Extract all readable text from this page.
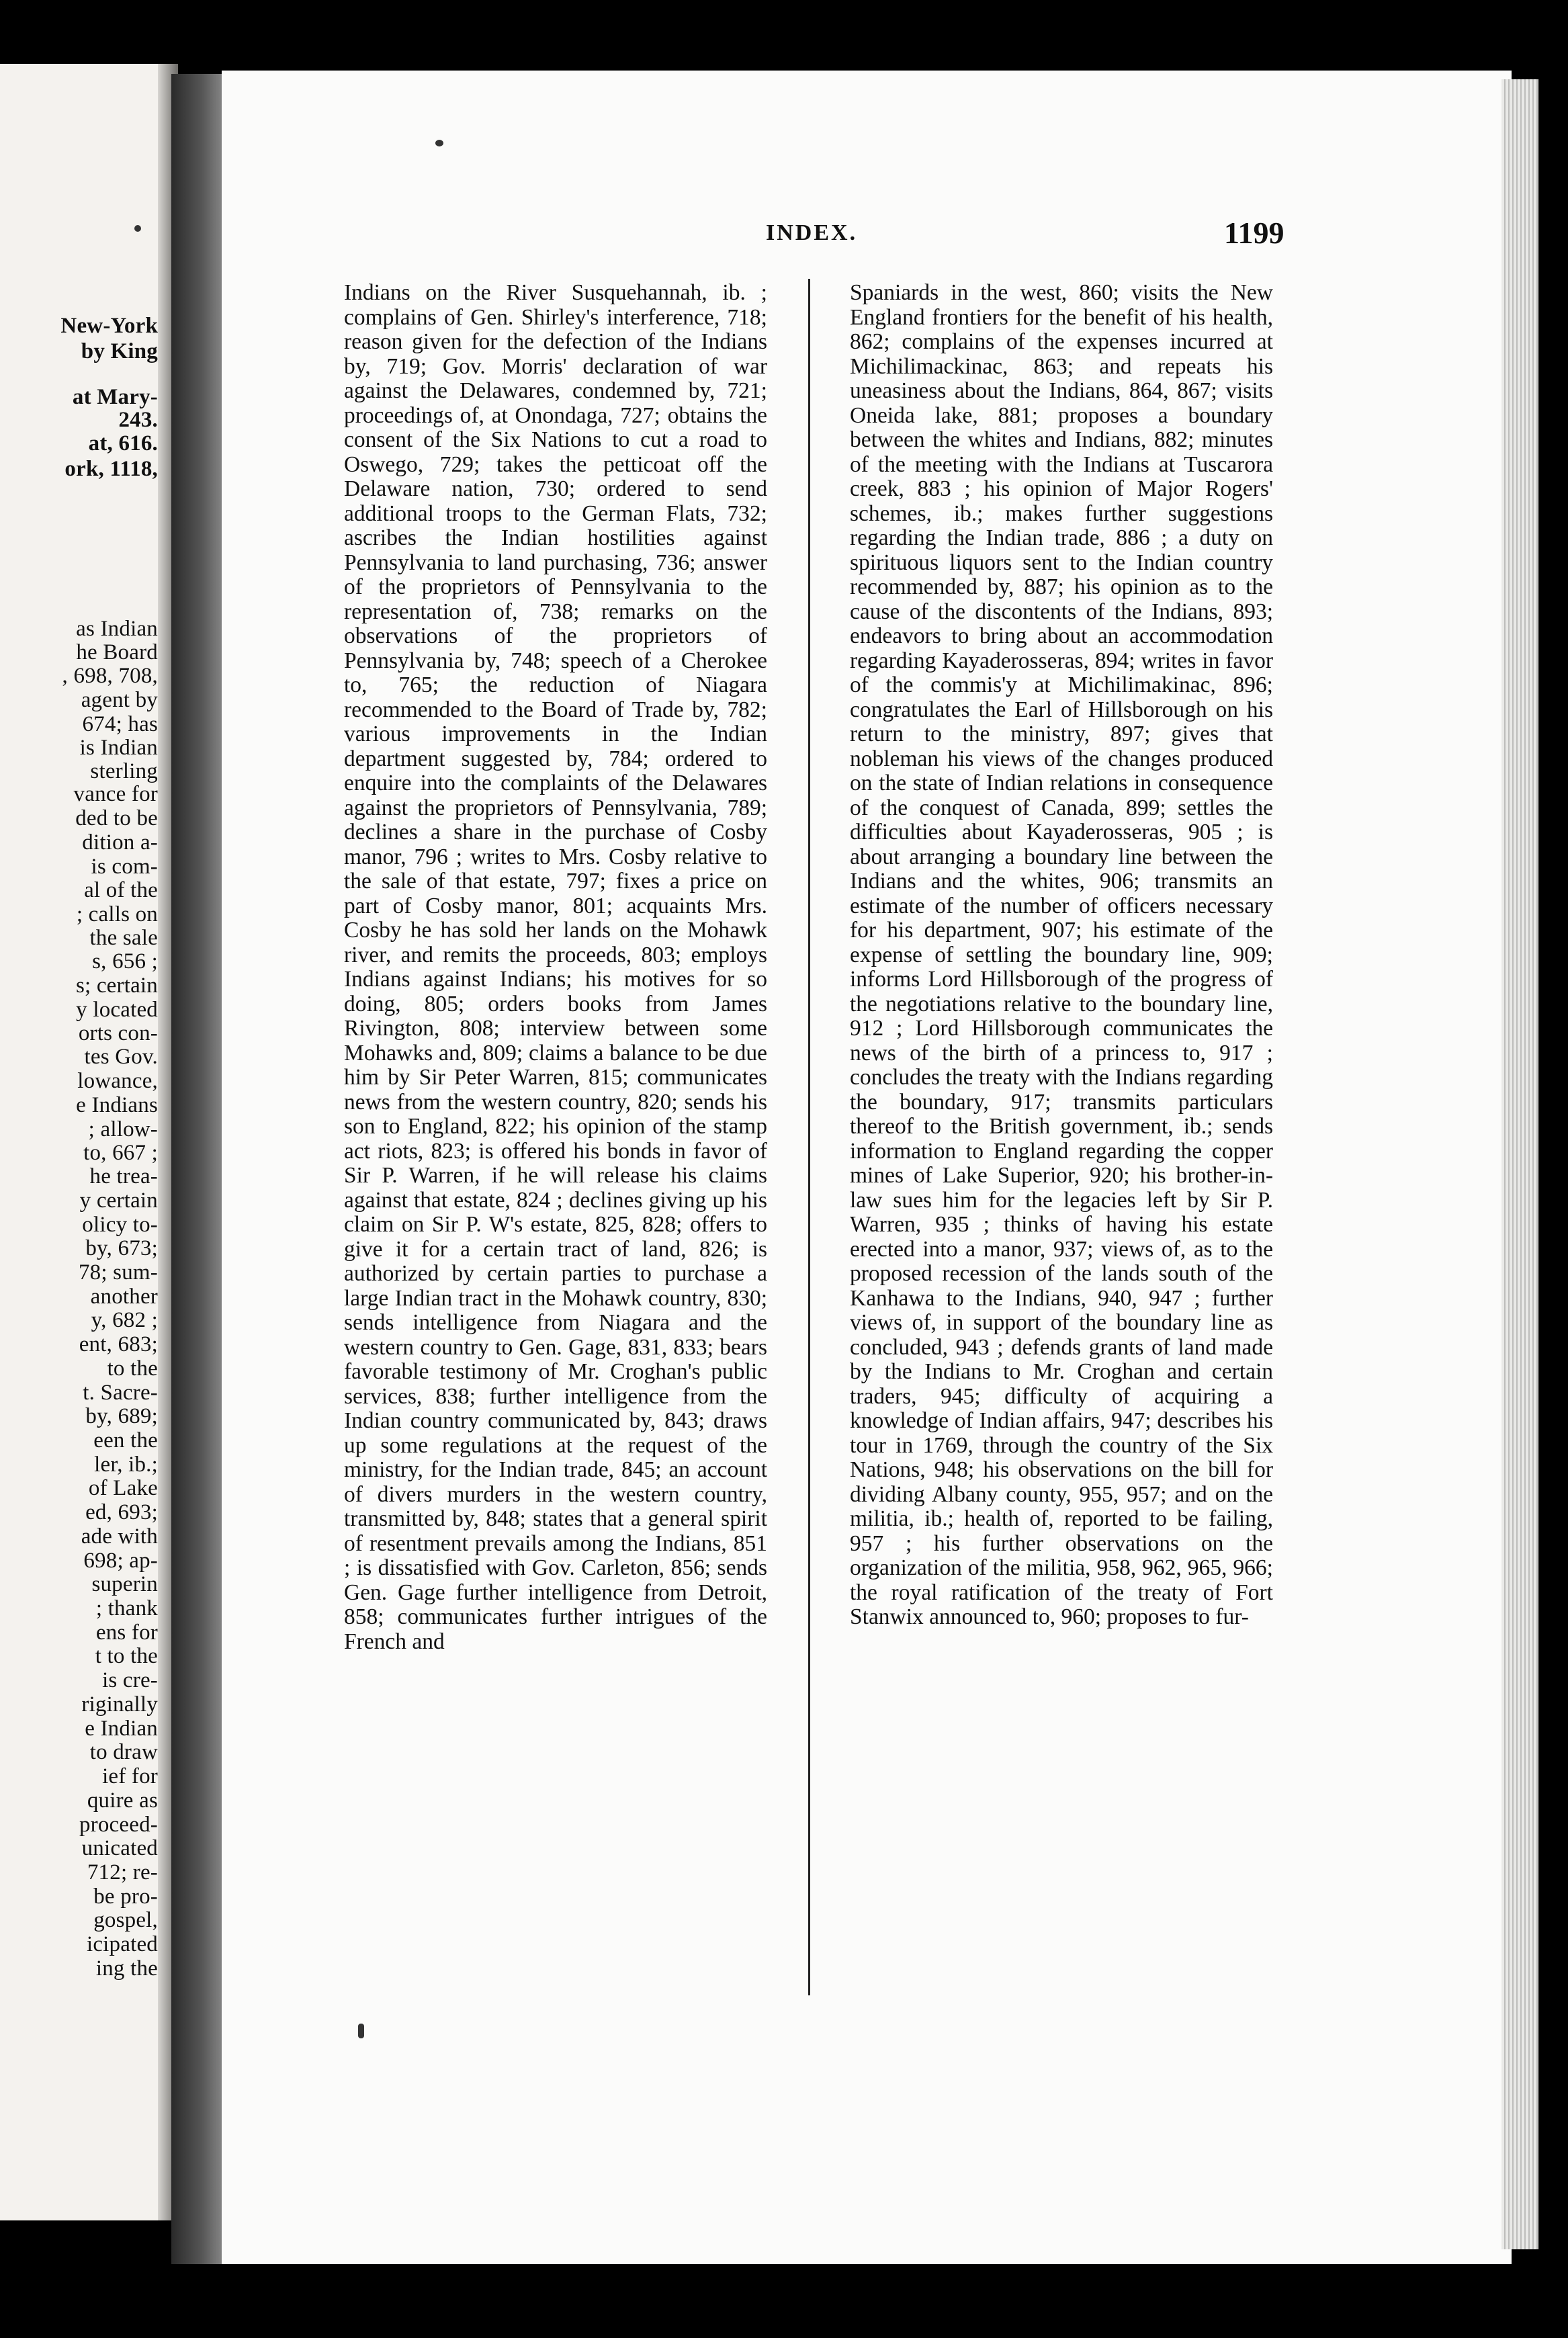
New-York
by King
at Mary-
243.
at, 616.
ork, 1118,
as Indian
he Board
, 698, 708,
agent by
674; has
is Indian
sterling
vance for
ded to be
dition a-
is com-
al of the
; calls on
the sale
s, 656 ;
s; certain
y located
orts con-
tes Gov.
lowance,
e Indians
; allow-
to, 667 ;
he trea-
y certain
olicy to-
by, 673;
78; sum-
another
y, 682 ;
ent, 683;
to the
t. Sacre-
by, 689;
een the
ler, ib.;
of Lake
ed, 693;
ade with
698; ap-
superin
; thank
ens for
t to the
is cre-
riginally
e Indian
to draw
ief for
quire as
proceed-
unicated
712; re-
be pro-
gospel,
icipated
ing the
INDEX.	1199

Indians on the River Susquehannah, ib. ; complains of Gen. Shirley's interference, 718; reason given for the defection of the Indians by, 719; Gov. Morris' declaration of war against the Delawares, condemned by, 721; proceedings of, at Onondaga, 727; obtains the consent of the Six Nations to cut a road to Oswego, 729; takes the petticoat off the Delaware nation, 730; ordered to send additional troops to the German Flats, 732; ascribes the Indian hostilities against Pennsylvania to land purchasing, 736; answer of the proprietors of Pennsylvania to the representation of, 738; remarks on the observations of the proprietors of Pennsylvania by, 748; speech of a Cherokee to, 765; the reduction of Niagara recommended to the Board of Trade by, 782; various improvements in the Indian department suggested by, 784; ordered to enquire into the complaints of the Delawares against the proprietors of Pennsylvania, 789; declines a share in the purchase of Cosby manor, 796 ; writes to Mrs. Cosby relative to the sale of that estate, 797; fixes a price on part of Cosby manor, 801; acquaints Mrs. Cosby he has sold her lands on the Mohawk river, and remits the proceeds, 803; employs Indians against Indians; his motives for so doing, 805; orders books from James Rivington, 808; interview between some Mohawks and, 809; claims a balance to be due him by Sir Peter Warren, 815; communicates news from the western country, 820; sends his son to England, 822; his opinion of the stamp act riots, 823; is offered his bonds in favor of Sir P. Warren, if he will release his claims against that estate, 824 ; declines giving up his claim on Sir P. W's estate, 825, 828; offers to give it for a certain tract of land, 826; is authorized by certain parties to purchase a large Indian tract in the Mohawk country, 830; sends intelligence from Niagara and the western country to Gen. Gage, 831, 833; bears favorable testimony of Mr. Croghan's public services, 838; further intelligence from the Indian country communicated by, 843; draws up some regulations at the request of the ministry, for the Indian trade, 845; an account of divers murders in the western country, transmitted by, 848; states that a general spirit of resentment prevails among the Indians, 851 ; is dissatisfied with Gov. Carleton, 856; sends Gen. Gage further intelligence from Detroit, 858; communicates further intrigues of the French and

Spaniards in the west, 860; visits the New England frontiers for the benefit of his health, 862; complains of the expenses incurred at Michilimackinac, 863; and repeats his uneasiness about the Indians, 864, 867; visits Oneida lake, 881; proposes a boundary between the whites and Indians, 882; minutes of the meeting with the Indians at Tuscarora creek, 883 ; his opinion of Major Rogers' schemes, ib.; makes further suggestions regarding the Indian trade, 886 ; a duty on spirituous liquors sent to the Indian country recommended by, 887; his opinion as to the cause of the discontents of the Indians, 893; endeavors to bring about an accommodation regarding Kayaderosseras, 894; writes in favor of the commis'y at Michilimakinac, 896; congratulates the Earl of Hillsborough on his return to the ministry, 897; gives that nobleman his views of the changes produced on the state of Indian relations in consequence of the conquest of Canada, 899; settles the difficulties about Kayaderosseras, 905 ; is about arranging a boundary line between the Indians and the whites, 906; transmits an estimate of the number of officers necessary for his department, 907; his estimate of the expense of settling the boundary line, 909; informs Lord Hillsborough of the progress of the negotiations relative to the boundary line, 912 ; Lord Hillsborough communicates the news of the birth of a princess to, 917 ; concludes the treaty with the Indians regarding the boundary, 917; transmits particulars thereof to the British government, ib.; sends information to England regarding the copper mines of Lake Superior, 920; his brother-in-law sues him for the legacies left by Sir P. Warren, 935 ; thinks of having his estate erected into a manor, 937; views of, as to the proposed recession of the lands south of the Kanhawa to the Indians, 940, 947 ; further views of, in support of the boundary line as concluded, 943 ; defends grants of land made by the Indians to Mr. Croghan and certain traders, 945; difficulty of acquiring a knowledge of Indian affairs, 947; describes his tour in 1769, through the country of the Six Nations, 948; his observations on the bill for dividing Albany county, 955, 957; and on the militia, ib.; health of, reported to be failing, 957 ; his further observations on the organization of the militia, 958, 962, 965, 966; the royal ratification of the treaty of Fort Stanwix announced to, 960; proposes to fur-
